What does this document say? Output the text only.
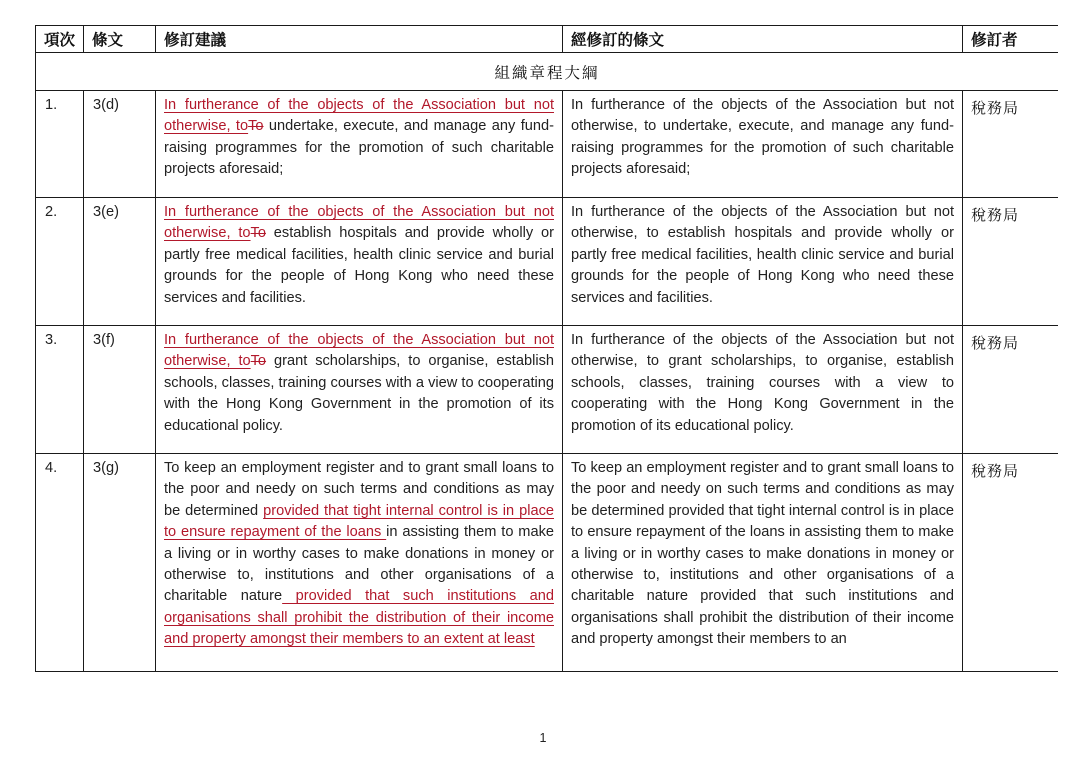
項次	條文	修訂建議	經修訂的條文	修訂者
組織章程大綱				
1.	3(d)	In furtherance of the objects of the Association but not otherwise, toTo undertake, execute, and manage any fund-raising programmes for the promotion of such charitable projects aforesaid;	In furtherance of the objects of the Association but not otherwise, to undertake, execute, and manage any fund-raising programmes for the promotion of such charitable projects aforesaid;	稅務局
2.	3(e)	In furtherance of the objects of the Association but not otherwise, toTo establish hospitals and provide wholly or partly free medical facilities, health clinic service and burial grounds for the people of Hong Kong who need these services and facilities.	In furtherance of the objects of the Association but not otherwise, to establish hospitals and provide wholly or partly free medical facilities, health clinic service and burial grounds for the people of Hong Kong who need these services and facilities.	稅務局
3.	3(f)	In furtherance of the objects of the Association but not otherwise, toTo grant scholarships, to organise, establish schools, classes, training courses with a view to cooperating with the Hong Kong Government in the promotion of its educational policy.	In furtherance of the objects of the Association but not otherwise, to grant scholarships, to organise, establish schools, classes, training courses with a view to cooperating with the Hong Kong Government in the promotion of its educational policy.	稅務局
4.	3(g)	To keep an employment register and to grant small loans to the poor and needy on such terms and conditions as may be determined provided that tight internal control is in place to ensure repayment of the loans in assisting them to make a living or in worthy cases to make donations in money or otherwise to, institutions and other organisations of a charitable nature provided that such institutions and organisations shall prohibit the distribution of their income and property amongst their members to an extent at least	To keep an employment register and to grant small loans to the poor and needy on such terms and conditions as may be determined provided that tight internal control is in place to ensure repayment of the loans in assisting them to make a living or in worthy cases to make donations in money or otherwise to, institutions and other organisations of a charitable nature provided that such institutions and organisations shall prohibit the distribution of their income and property amongst their members to an	稅務局
1
